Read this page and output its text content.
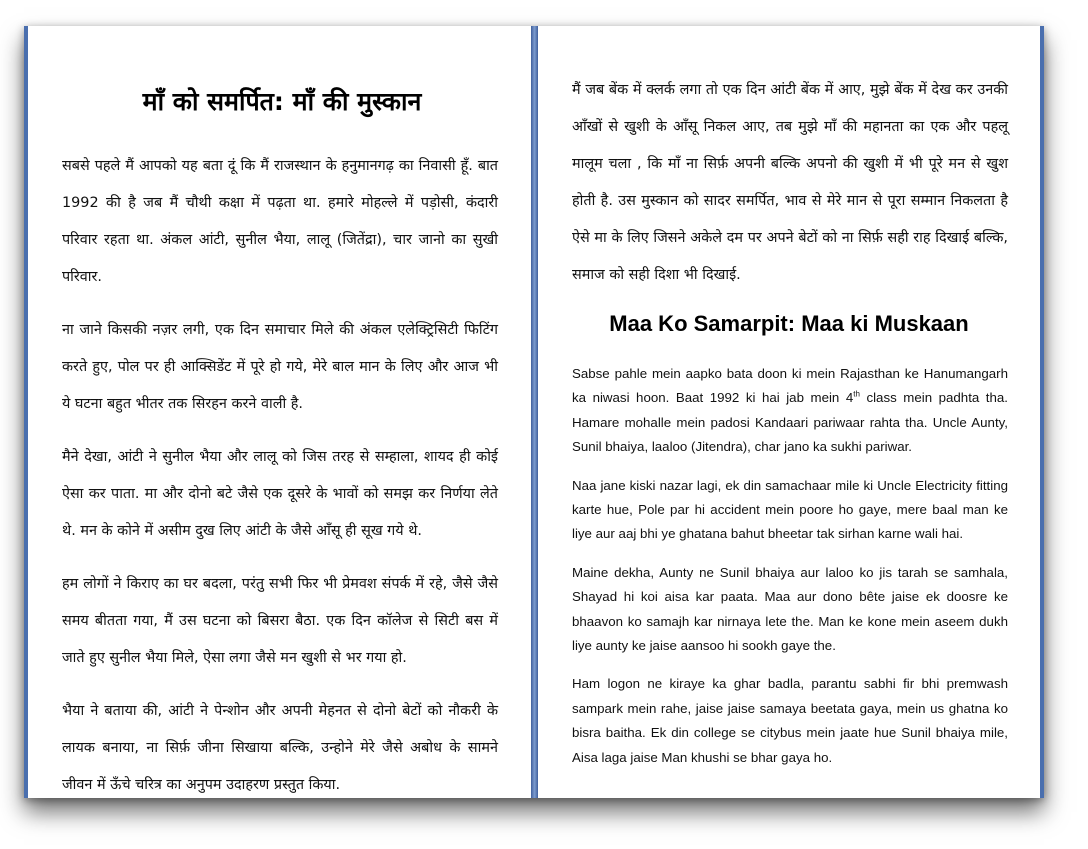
माँ को समर्पित: माँ की मुस्कान

सबसे पहले मैं आपको यह बता दूं कि मैं राजस्थान के हनुमानगढ़ का निवासी हूँ. बात 1992 की है जब मैं चौथी कक्षा में पढ़ता था. हमारे मोहल्ले में पड़ोसी, कंदारी परिवार रहता था. अंकल आंटी, सुनील भैया, लालू (जितेंद्रा), चार जानो का सुखी परिवार.

ना जाने किसकी नज़र लगी, एक दिन समाचार मिले की अंकल एलेक्ट्रिसिटी फिटिंग करते हुए, पोल पर ही आक्सिडेंट में पूरे हो गये, मेरे बाल मान के लिए और आज भी ये घटना बहुत भीतर तक सिरहन करने वाली है.

मैने देखा, आंटी ने सुनील भैया और लालू को जिस तरह से सम्हाला, शायद ही कोई ऐसा कर पाता. मा और दोनो बटे जैसे एक दूसरे के भावों को समझ कर निर्णया लेते थे. मन के कोने में असीम दुख लिए आंटी के जैसे आँसू ही सूख गये थे.

हम लोगों ने किराए का घर बदला, परंतु सभी फिर भी प्रेमवश संपर्क में रहे, जैसे जैसे समय बीतता गया, मैं उस घटना को बिसरा बैठा. एक दिन कॉलेज से सिटी बस में जाते हुए सुनील भैया मिले, ऐसा लगा जैसे मन खुशी से भर गया हो.

भैया ने बताया की, आंटी ने पेन्शोन और अपनी मेहनत से दोनो बेटों को नौकरी के लायक बनाया, ना सिर्फ़ जीना सिखाया बल्कि, उन्होने मेरे जैसे अबोध के सामने जीवन में ऊँचे चरित्र का अनुपम उदाहरण प्रस्तुत किया.

मैं जब बेंक में क्लर्क लगा तो एक दिन आंटी बेंक में आए, मुझे बेंक में देख कर उनकी आँखों से खुशी के आँसू निकल आए, तब मुझे माँ की महानता का एक और पहलू मालूम चला , कि माँ ना सिर्फ़ अपनी बल्कि अपनो की खुशी में भी पूरे मन से खुश होती है. उस मुस्कान को सादर समर्पित, भाव से मेरे मान से पूरा सम्मान निकलता है ऐसे मा के लिए जिसने अकेले दम पर अपने बेटों को ना सिर्फ़ सही राह दिखाई बल्कि, समाज को सही दिशा भी दिखाई.

Maa Ko Samarpit: Maa ki Muskaan

Sabse pahle mein aapko bata doon ki mein Rajasthan ke Hanumangarh ka niwasi hoon. Baat 1992 ki hai jab mein 4th class mein padhta tha. Hamare mohalle mein padosi Kandaari pariwaar rahta tha. Uncle Aunty, Sunil bhaiya, laaloo (Jitendra), char jano ka sukhi pariwar.

Naa jane kiski nazar lagi, ek din samachaar mile ki Uncle Electricity fitting karte hue, Pole par hi accident mein poore ho gaye, mere baal man ke liye aur aaj bhi ye ghatana bahut bheetar tak sirhan karne wali hai.

Maine dekha, Aunty ne Sunil bhaiya aur laloo ko jis tarah se samhala, Shayad hi koi aisa kar paata. Maa aur dono bête jaise ek doosre ke bhaavon ko samajh kar nirnaya lete the. Man ke kone mein aseem dukh liye aunty ke jaise aansoo hi sookh gaye the.

Ham logon ne kiraye ka ghar badla, parantu sabhi fir bhi premwash sampark mein rahe, jaise jaise samaya beetata gaya, mein us ghatna ko bisra baitha. Ek din college se citybus mein jaate hue Sunil bhaiya mile, Aisa laga jaise Man khushi se bhar gaya ho.
